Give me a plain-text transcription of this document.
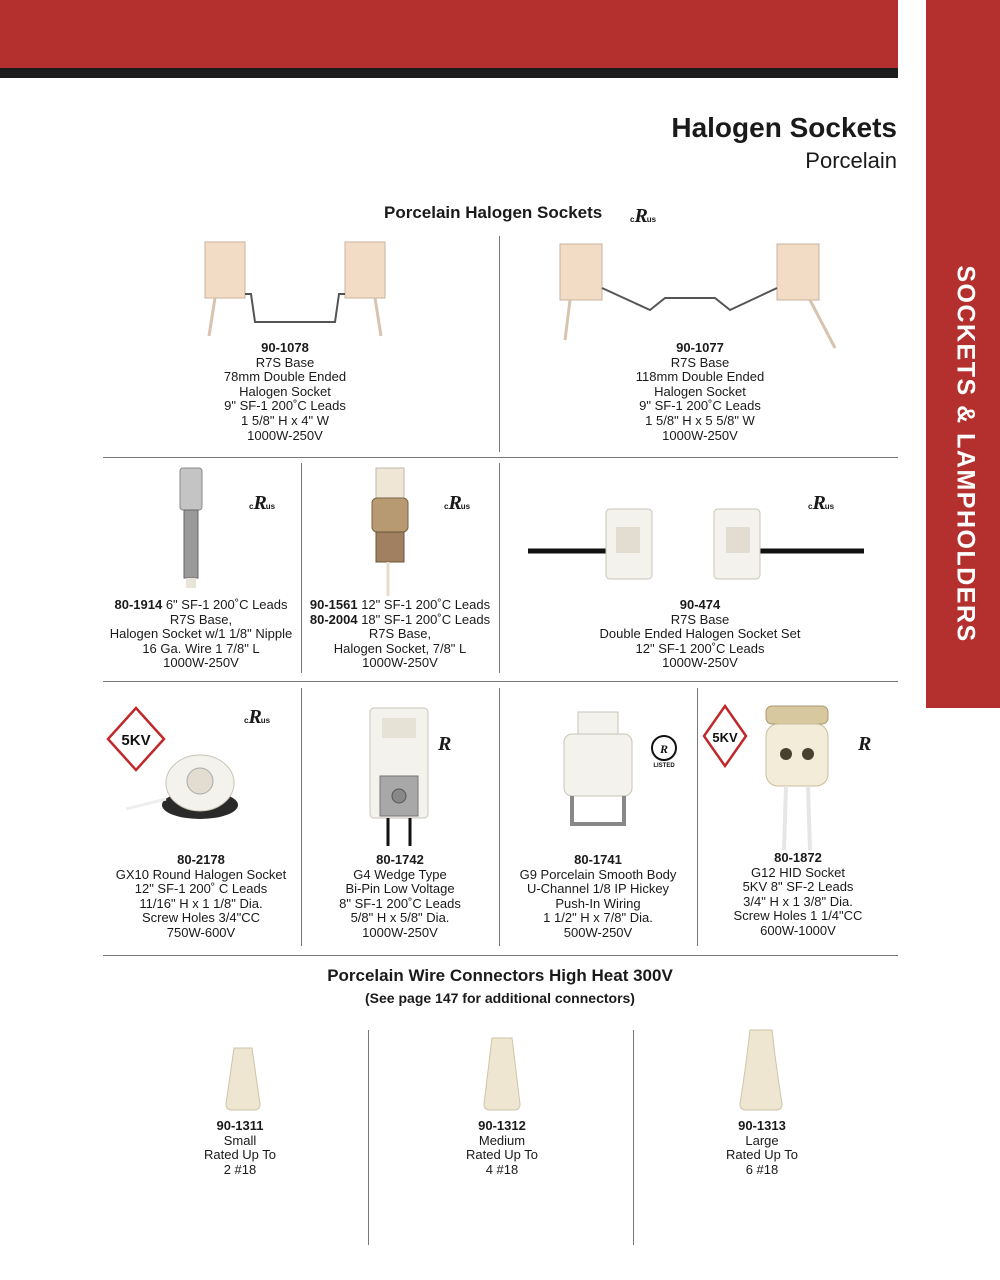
SOCKETS & LAMPHOLDERS
Halogen Sockets
Porcelain
Porcelain Halogen Sockets	cRus
90-1078
R7S Base
78mm Double Ended
Halogen Socket
9" SF-1 200˚C Leads
1 5/8" H x 4" W
1000W-250V
90-1077
R7S Base
118mm Double Ended
Halogen Socket
9" SF-1 200˚C Leads
1 5/8" H x 5 5/8" W
1000W-250V
cRus	cRus	cRus
80-1914 6" SF-1 200˚C Leads
R7S Base,
Halogen Socket w/1 1/8" Nipple
16 Ga. Wire 1 7/8" L
1000W-250V
90-1561 12" SF-1 200˚C Leads
80-2004 18" SF-1 200˚C Leads
R7S Base,
Halogen Socket, 7/8" L
1000W-250V
90-474
R7S Base
Double Ended Halogen Socket Set
12" SF-1 200˚C Leads
1000W-250V
5KV
cRus
R	R
LISTED
5KV	R
80-2178
GX10 Round Halogen Socket
12" SF-1 200˚ C Leads
11/16" H x 1 1/8" Dia.
Screw Holes 3/4"CC
750W-600V
80-1742
G4 Wedge Type
Bi-Pin Low Voltage
8" SF-1 200˚C Leads
5/8" H x 5/8" Dia.
1000W-250V
80-1741
G9 Porcelain Smooth Body
U-Channel 1/8 IP Hickey
Push-In Wiring
1 1/2" H x 7/8" Dia.
500W-250V
80-1872
G12 HID Socket
5KV 8" SF-2 Leads
3/4" H x 1 3/8" Dia.
Screw Holes 1 1/4"CC
600W-1000V
Porcelain Wire Connectors High Heat 300V
(See page 147 for additional connectors)
90-1311
Small
Rated Up To
2 #18
90-1312
Medium
Rated Up To
4 #18
90-1313
Large
Rated Up To
6 #18
